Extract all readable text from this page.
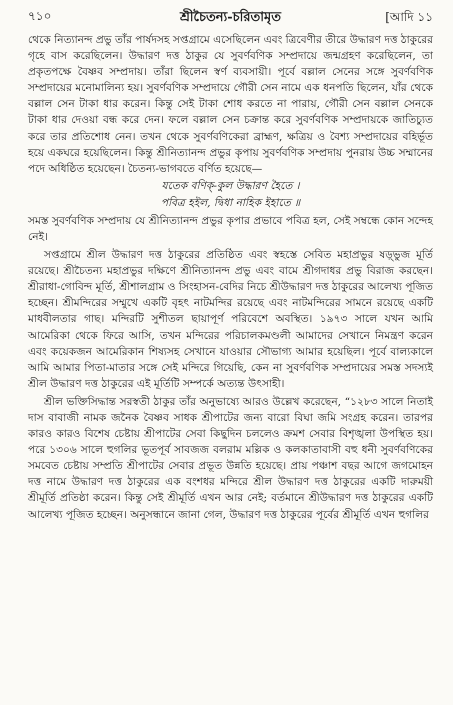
৭১০	শ্রীচৈতন্য-চরিতামৃত	[আদি ১১

থেকে নিত্যানন্দ প্রভু তাঁর পার্ষদসহ সপ্তগ্রামে এসেছিলেন এবং ত্রিবেণীর তীরে উদ্ধারণ দত্ত ঠাকুরের গৃহে বাস করেছিলেন। উদ্ধারণ দত্ত ঠাকুর যে সুবর্ণবণিক সম্প্রদায়ে জন্মগ্রহণ করেছিলেন, তা প্রকৃতপক্ষে বৈষ্ণব সম্প্রদায়। তাঁরা ছিলেন স্বর্ণ ব্যবসায়ী। পূর্বে বল্লাল সেনের সঙ্গে সুবর্ণবণিক সম্প্রদায়ের মনোমালিন্য হয়। সুবর্ণবণিক সম্প্রদায়ে গৌরী সেন নামে এক ধনপতি ছিলেন, যাঁর থেকে বল্লাল সেন টাকা ধার করেন। কিন্তু সেই টাকা শোধ করতে না পারায়, গৌরী সেন বল্লাল সেনকে টাকা ধার দেওয়া বন্ধ করে দেন। ফলে বল্লাল সেন চক্রান্ত করে সুবর্ণবণিক সম্প্রদায়কে জাতিচ্যুত করে তার প্রতিশোধ নেন। তখন থেকে সুবর্ণবণিকেরা ব্রাহ্মণ, ক্ষত্রিয় ও বৈশ্য সম্প্রদায়ের বহির্ভূত হয়ে একঘরে হয়েছিলেন। কিন্তু শ্রীনিত্যানন্দ প্রভুর কৃপায় সুবর্ণবণিক সম্প্রদায় পুনরায় উচ্চ সম্মানের পদে অধিষ্ঠিত হয়েছেন। চৈতন্য-ভাগবতে বর্ণিত হয়েছে—

যতেক বণিক্-কুল উদ্ধারণ হৈতে ।
পবিত্র হইল, দ্বিধা নাহিক ইহাতে ॥

সমস্ত সুবর্ণবণিক সম্প্রদায় যে শ্রীনিত্যানন্দ প্রভুর কৃপার প্রভাবে পবিত্র হল, সেই সম্বন্ধে কোন সন্দেহ নেই।

সপ্তগ্রামে শ্রীল উদ্ধারণ দত্ত ঠাকুরের প্রতিষ্ঠিত এবং স্বহস্তে সেবিত মহাপ্রভুর ষড়্ভুজ মূর্তি রয়েছে। শ্রীচৈতন্য মহাপ্রভুর দক্ষিণে শ্রীনিত্যানন্দ প্রভু এবং বামে শ্রীগদাধর প্রভু বিরাজ করছেন। শ্রীরাধা-গোবিন্দ মূর্তি, শ্রীশালগ্রাম ও সিংহাসন-বেদির নিচে শ্রীউদ্ধারণ দত্ত ঠাকুরের আলেখ্য পূজিত হচ্ছেন। শ্রীমন্দিরের সম্মুখে একটি বৃহৎ নাটমন্দির রয়েছে এবং নাটমন্দিরের সামনে রয়েছে একটি মাধবীলতার গাছ। মন্দিরটি সুশীতল ছায়াপূর্ণ পরিবেশে অবস্থিত। ১৯৭৩ সালে যখন আমি আমেরিকা থেকে ফিরে আসি, তখন মন্দিরের পরিচালকমণ্ডলী আমাদের সেখানে নিমন্ত্রণ করেন এবং কয়েকজন আমেরিকান শিষ্যসহ সেখানে যাওয়ার সৌভাগ্য আমার হয়েছিল। পূর্বে বাল্যকালে আমি আমার পিতা-মাতার সঙ্গে সেই মন্দিরে গিয়েছি, কেন না সুবর্ণবণিক সম্প্রদায়ের সমস্ত সদস্যই শ্রীল উদ্ধারণ দত্ত ঠাকুরের এই মূর্তিটি সম্পর্কে অত্যন্ত উৎসাহী।

শ্রীল ভক্তিসিদ্ধান্ত সরস্বতী ঠাকুর তাঁর অনুভাষ্যে আরও উল্লেখ করেছেন, “১২৮৩ সালে নিতাই দাস বাবাজী নামক জনৈক বৈষ্ণব সাধক শ্রীপাটের জন্য বারো বিঘা জমি সংগ্রহ করেন। তারপর কারও কারও বিশেষ চেষ্টায় শ্রীপাটের সেবা কিছুদিন চললেও ক্রমশ সেবার বিশৃঙ্খলা উপস্থিত হয়। পরে ১৩০৬ সালে হুগলির ভূতপূর্ব সাবজজ বলরাম মল্লিক ও কলকাতাবাসী বহু ধনী সুবর্ণবণিকের সমবেত চেষ্টায় সম্প্রতি শ্রীপাটের সেবার প্রভূত উন্নতি হয়েছে। প্রায় পঞ্চাশ বছর আগে জগমোহন দত্ত নামে উদ্ধারণ দত্ত ঠাকুরের এক বংশধর মন্দিরে শ্রীল উদ্ধারণ দত্ত ঠাকুরের একটি দারুময়ী শ্রীমূর্তি প্রতিষ্ঠা করেন। কিন্তু সেই শ্রীমূর্তি এখন আর নেই; বর্তমানে শ্রীউদ্ধারণ দত্ত ঠাকুরের একটি আলেখ্য পূজিত হচ্ছেন। অনুসন্ধানে জানা গেল, উদ্ধারণ দত্ত ঠাকুরের পূর্বের শ্রীমূর্তি এখন হুগলির
